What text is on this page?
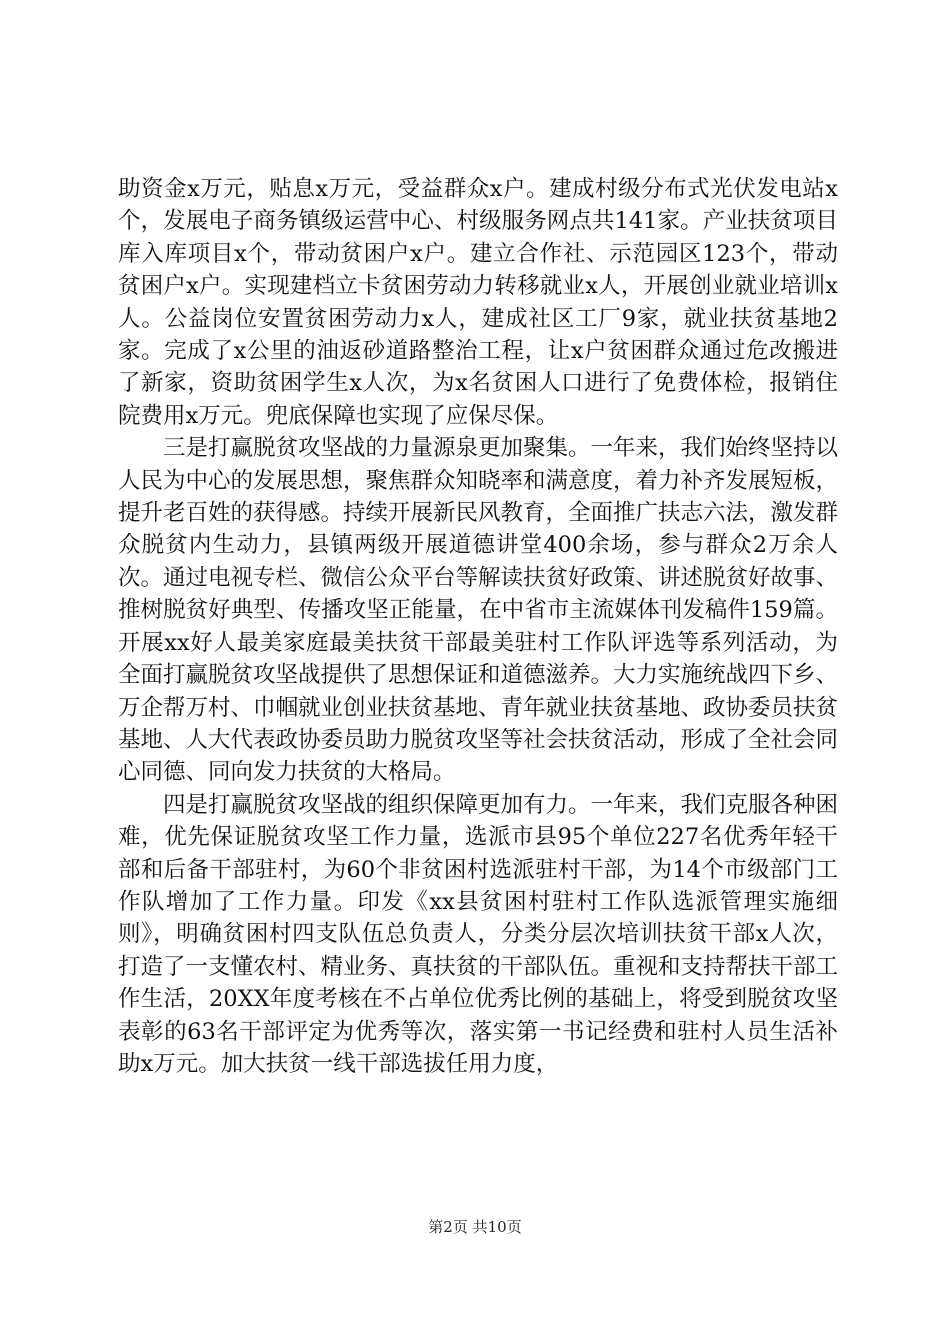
助资金x万元，贴息x万元，受益群众x户。建成村级分布式光伏发电站x个，发展电子商务镇级运营中心、村级服务网点共141家。产业扶贫项目库入库项目x个，带动贫困户x户。建立合作社、示范园区123个，带动贫困户x户。实现建档立卡贫困劳动力转移就业x人，开展创业就业培训x人。公益岗位安置贫困劳动力x人，建成社区工厂9家，就业扶贫基地2家。完成了x公里的油返砂道路整治工程，让x户贫困群众通过危改搬进了新家，资助贫困学生x人次，为x名贫困人口进行了免费体检，报销住院费用x万元。兜底保障也实现了应保尽保。

三是打赢脱贫攻坚战的力量源泉更加聚集。一年来，我们始终坚持以人民为中心的发展思想，聚焦群众知晓率和满意度，着力补齐发展短板，提升老百姓的获得感。持续开展新民风教育，全面推广扶志六法，激发群众脱贫内生动力，县镇两级开展道德讲堂400余场，参与群众2万余人次。通过电视专栏、微信公众平台等解读扶贫好政策、讲述脱贫好故事、推树脱贫好典型、传播攻坚正能量，在中省市主流媒体刊发稿件159篇。开展xx好人最美家庭最美扶贫干部最美驻村工作队评选等系列活动，为全面打赢脱贫攻坚战提供了思想保证和道德滋养。大力实施统战四下乡、万企帮万村、巾帼就业创业扶贫基地、青年就业扶贫基地、政协委员扶贫基地、人大代表政协委员助力脱贫攻坚等社会扶贫活动，形成了全社会同心同德、同向发力扶贫的大格局。

四是打赢脱贫攻坚战的组织保障更加有力。一年来，我们克服各种困难，优先保证脱贫攻坚工作力量，选派市县95个单位227名优秀年轻干部和后备干部驻村，为60个非贫困村选派驻村干部，为14个市级部门工作队增加了工作力量。印发《xx县贫困村驻村工作队选派管理实施细则》，明确贫困村四支队伍总负责人，分类分层次培训扶贫干部x人次，打造了一支懂农村、精业务、真扶贫的干部队伍。重视和支持帮扶干部工作生活，20XX年度考核在不占单位优秀比例的基础上，将受到脱贫攻坚表彰的63名干部评定为优秀等次，落实第一书记经费和驻村人员生活补助x万元。加大扶贫一线干部选拔任用力度，

第2页 共10页
